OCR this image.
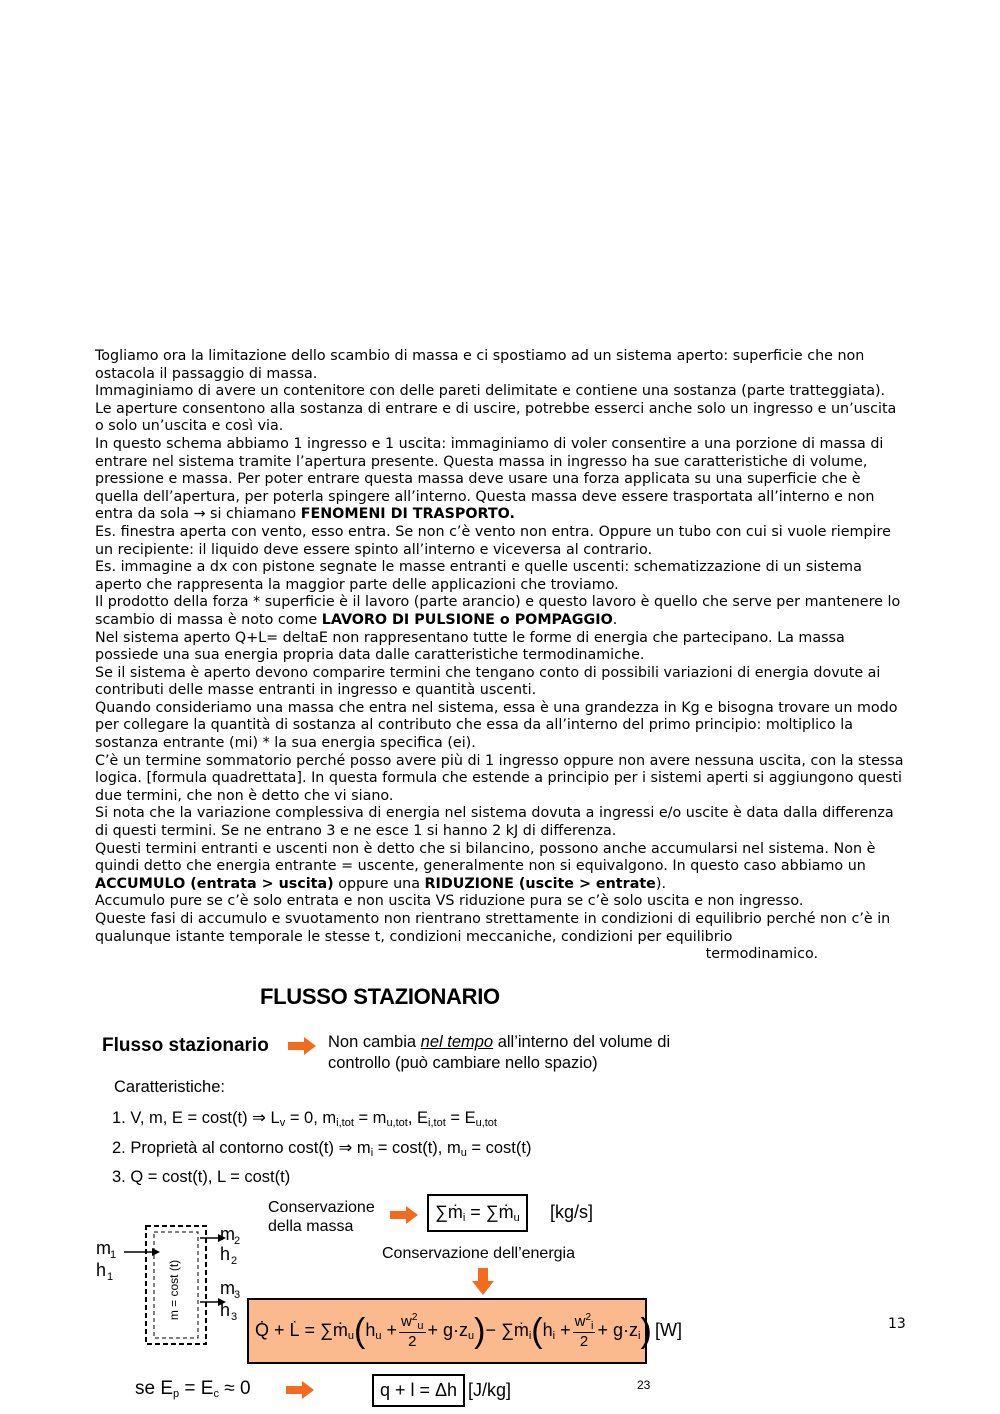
Togliamo ora la limitazione dello scambio di massa e ci spostiamo ad un sistema aperto: superficie che non ostacola il passaggio di massa.

Immaginiamo di avere un contenitore con delle pareti delimitate e contiene una sostanza (parte tratteggiata).

Le aperture consentono alla sostanza di entrare e di uscire, potrebbe esserci anche solo un ingresso e un’uscita o solo un’uscita e così via.

In questo schema abbiamo 1 ingresso e 1 uscita: immaginiamo di voler consentire a una porzione di massa di entrare nel sistema tramite l’apertura presente. Questa massa in ingresso ha sue caratteristiche di volume, pressione e massa. Per poter entrare questa massa deve usare una forza applicata su una superficie che è quella dell’apertura, per poterla spingere all’interno. Questa massa deve essere trasportata all’interno e non entra da sola → si chiamano FENOMENI DI TRASPORTO.

Es. finestra aperta con vento, esso entra. Se non c’è vento non entra. Oppure un tubo con cui si vuole riempire un recipiente: il liquido deve essere spinto all’interno e viceversa al contrario.

Es. immagine a dx con pistone segnate le masse entranti e quelle uscenti: schematizzazione di un sistema aperto che rappresenta la maggior parte delle applicazioni che troviamo.

Il prodotto della forza * superficie è il lavoro (parte arancio) e questo lavoro è quello che serve per mantenere lo scambio di massa è noto come LAVORO DI PULSIONE o POMPAGGIO.

Nel sistema aperto Q+L= deltaE non rappresentano tutte le forme di energia che partecipano. La massa possiede una sua energia propria data dalle caratteristiche termodinamiche.

Se il sistema è aperto devono comparire termini che tengano conto di possibili variazioni di energia dovute ai contributi delle masse entranti in ingresso e quantità uscenti.

Quando consideriamo una massa che entra nel sistema, essa è una grandezza in Kg e bisogna trovare un modo per collegare la quantità di sostanza al contributo che essa da all’interno del primo principio: moltiplico la sostanza entrante (mi) * la sua energia specifica (ei).

C’è un termine sommatorio perché posso avere più di 1 ingresso oppure non avere nessuna uscita, con la stessa logica. [formula quadrettata]. In questa formula che estende a principio per i sistemi aperti si aggiungono questi due termini, che non è detto che vi siano.

Si nota che la variazione complessiva di energia nel sistema dovuta a ingressi e/o uscite è data dalla differenza di questi termini. Se ne entrano 3 e ne esce 1 si hanno 2 kJ di differenza.

Questi termini entranti e uscenti non è detto che si bilancino, possono anche accumularsi nel sistema. Non è quindi detto che energia entrante = uscente, generalmente non si equivalgono. In questo caso abbiamo un ACCUMULO (entrata > uscita) oppure una RIDUZIONE (uscite > entrate).

Accumulo pure se c’è solo entrata e non uscita VS riduzione pura se c’è solo uscita e non ingresso.

Queste fasi di accumulo e svuotamento non rientrano strettamente in condizioni di equilibrio perché non c’è in qualunque istante temporale le stesse t, condizioni meccaniche, condizioni per equilibrio
termodinamico.

FLUSSO STAZIONARIO
Flusso stazionario	Non cambia nel tempo all’interno del volume di controllo (può cambiare nello spazio)
Caratteristiche:
1. V, m, E = cost(t) ⇒ $L_v = 0$, $m_{i,tot} = m_{u,tot}$, $E_{i,tot} = E_{u,tot}$
2. Proprietà al contorno cost(t) ⇒ $m_i = \cos t(t)$, $m_u = \cos t(t)$
3. Q = cost(t), L = cost(t)
Conservazione
della massa
∑ṁ$_i$ = ∑ṁ$_u$	[kg/s]
Conservazione dell’energia
Q̇ + L̇ = ∑ṁ$_u$ ( $h_u + \frac{w^2_u}{2} + g\cdot z_u$ ) − ∑ṁ$_i$ ( $h_i + \frac{w^2_i}{2} + g\cdot z_i$ ) [W]
m = cost (t)
m 1
h 1
m 2
h 2
m 3
h 3
se $E_p = E_c \approx 0$	q + l = Δh [J/kg]	23
13
